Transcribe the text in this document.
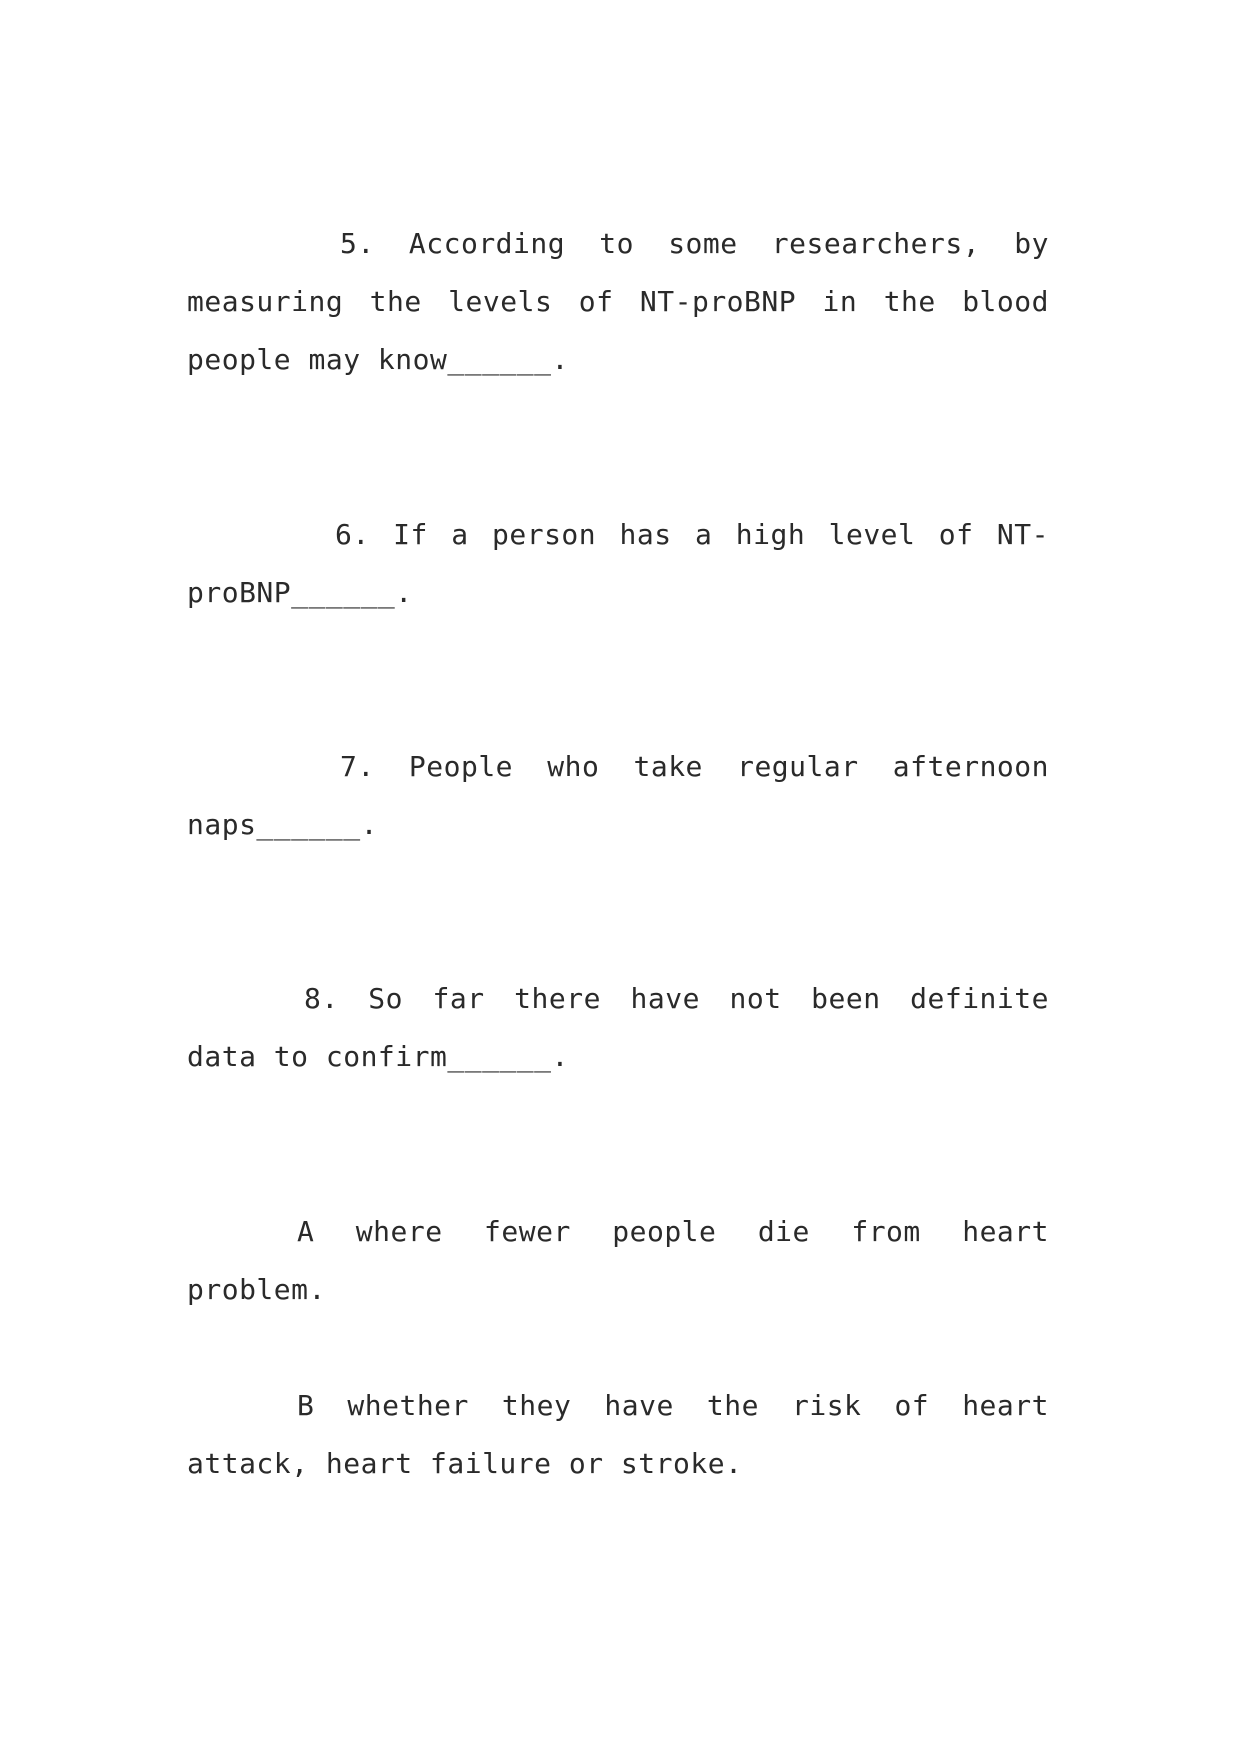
5. According to some researchers, by measuring the levels of NT-proBNP in the blood people may know______.

6. If a person has a high level of NT-proBNP______.

7. People who take regular afternoon naps______.

8. So far there have not been definite data to confirm______.

A where fewer people die from heart problem.

B whether they have the risk of heart attack, heart failure or stroke.
